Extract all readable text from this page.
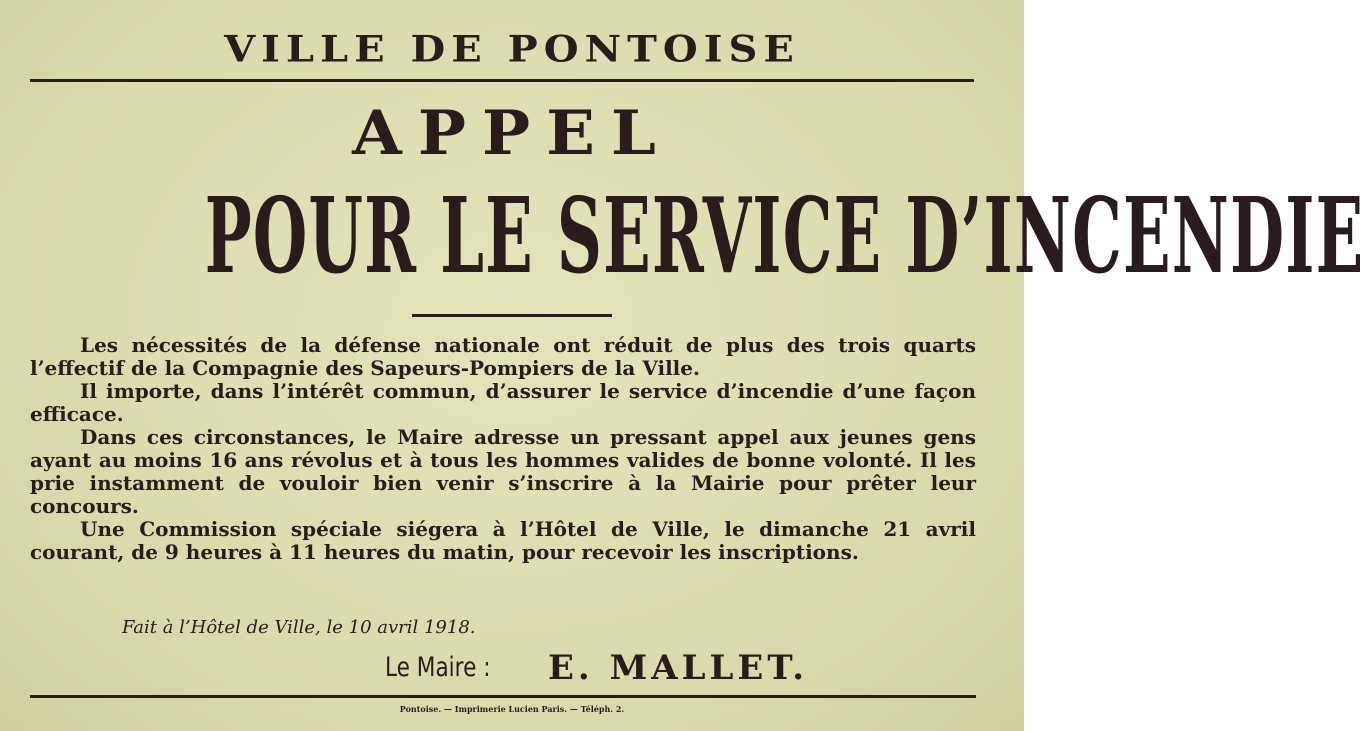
VILLE DE PONTOISE
APPEL
POUR LE SERVICE D’INCENDIE

Les nécessités de la défense nationale ont réduit de plus des trois quarts l’effectif de la Compagnie des Sapeurs-Pompiers de la Ville.

Il importe, dans l’intérêt commun, d’assurer le service d’incendie d’une façon efficace.

Dans ces circonstances, le Maire adresse un pressant appel aux jeunes gens ayant au moins 16 ans révolus et à tous les hommes valides de bonne volonté. Il les prie instamment de vouloir bien venir s’inscrire à la Mairie pour prêter leur concours.

Une Commission spéciale siégera à l’Hôtel de Ville, le dimanche 21 avril courant, de 9 heures à 11 heures du matin, pour recevoir les inscriptions.

Fait à l’Hôtel de Ville, le 10 avril 1918.
Le Maire : E. MALLET.
Pontoise. — Imprimerie Lucien Paris. — Téléph. 2.
